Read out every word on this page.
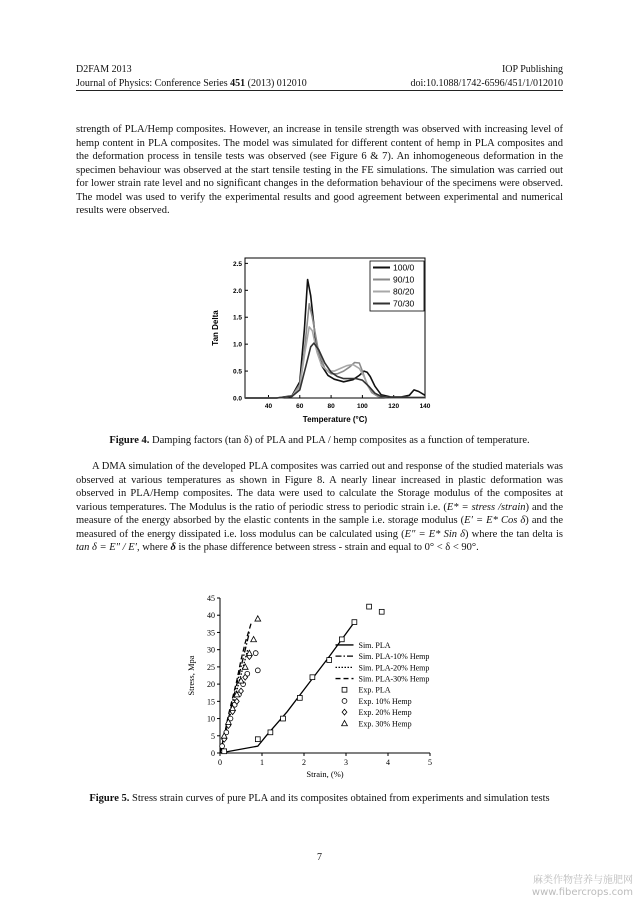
D2FAM 2013	IOP Publishing
Journal of Physics: Conference Series 451 (2013) 012010	doi:10.1088/1742-6596/451/1/012010

strength of PLA/Hemp composites. However, an increase in tensile strength was observed with increasing level of hemp content in PLA composites. The model was simulated for different content of hemp in PLA composites and the deformation process in tensile tests was observed (see Figure 6 & 7). An inhomogeneous deformation in the specimen behaviour was observed at the start tensile testing in the FE simulations. The simulation was carried out for lower strain rate level and no significant changes in the deformation behaviour of the specimens were observed. The model was used to verify the experimental results and good agreement between experimental and numerical results were observed.

40	60	80	100	120	140
0.0
0.5
1.0
1.5
2.0
2.5
Temperature (°C)
Tan Delta
100/0
90/10
80/20
70/30
Figure 4. Damping factors (tan δ) of PLA and PLA / hemp composites as a function of temperature.

A DMA simulation of the developed PLA composites was carried out and response of the studied materials was observed at various temperatures as shown in Figure 8. A nearly linear increased in plastic deformation was observed in PLA/Hemp composites. The data were used to calculate the Storage modulus of the composites at various temperatures. The Modulus is the ratio of periodic stress to periodic strain i.e. (E* = stress /strain) and the measure of the energy absorbed by the elastic contents in the sample i.e. storage modulus (E′ = E* Cos δ) and the measured of the energy dissipated i.e. loss modulus can be calculated using (E″ = E* Sin δ) where the tan delta is tan δ = E″ / E′, where δ is the phase difference between stress - strain and equal to 0° < δ < 90°.

0	1	2	3	4	5
0
5
10
15
20
25
30
35
40
45
Strain, (%)
Stress, Mpa
Sim. PLA
Sim. PLA-10% Hemp
Sim. PLA-20% Hemp
Sim. PLA-30% Hemp
Exp. PLA
Exp. 10% Hemp
Exp. 20% Hemp
Exp. 30% Hemp
Figure 5. Stress strain curves of pure PLA and its composites obtained from experiments and simulation tests
7
麻类作物营养与施肥网
www.fibercrops.com
